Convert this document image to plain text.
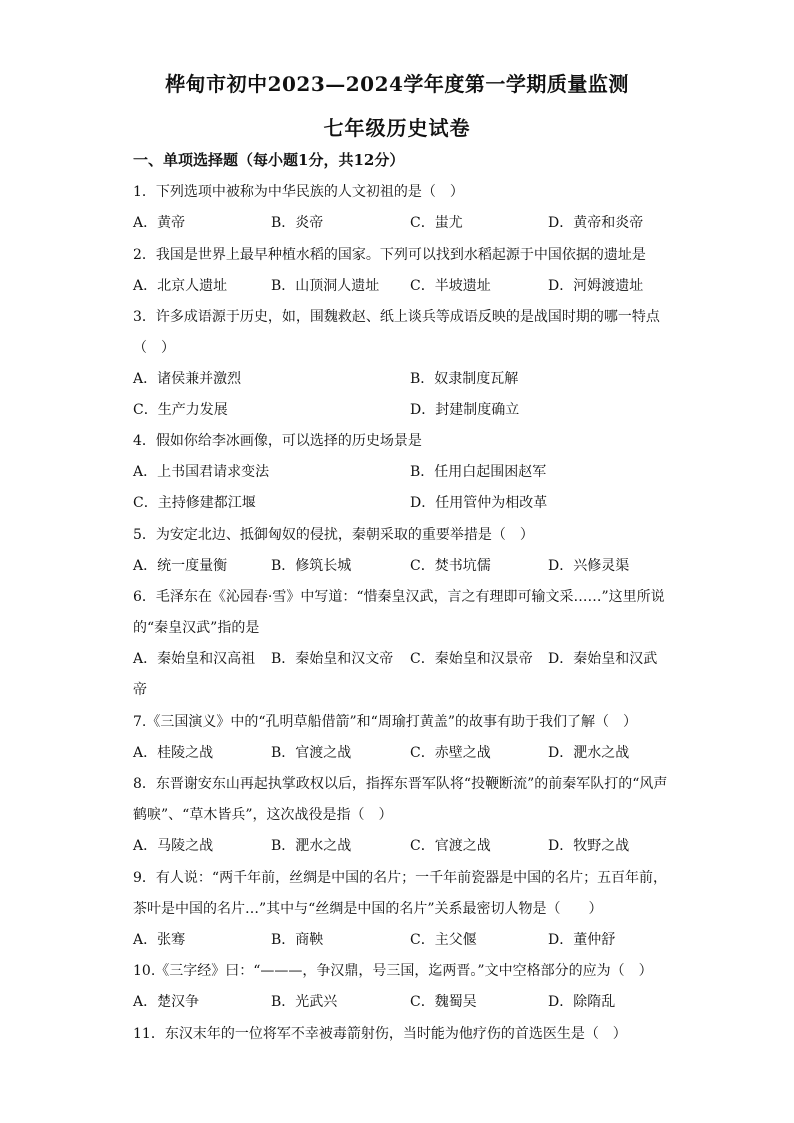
桦甸市初中2023—2024学年度第一学期质量监测
七年级历史试卷
一、单项选择题（每小题1分，共12分）
1．下列选项中被称为中华民族的人文初祖的是（　）
A．黄帝	B．炎帝	C．蚩尤	D．黄帝和炎帝
2．我国是世界上最早种植水稻的国家。下列可以找到水稻起源于中国依据的遗址是
A．北京人遗址	B．山顶洞人遗址 C．半坡遗址	D．河姆渡遗址
3．许多成语源于历史，如，围魏救赵、纸上谈兵等成语反映的是战国时期的哪一特点
（　）
A．诸侯兼并激烈	B．奴隶制度瓦解
C．生产力发展	D．封建制度确立
4．假如你给李冰画像，可以选择的历史场景是
A．上书国君请求变法	B．任用白起围困赵军
C．主持修建都江堰	D．任用管仲为相改革
5．为安定北边、抵御匈奴的侵扰，秦朝采取的重要举措是（　）
A．统一度量衡	B．修筑长城	C．焚书坑儒	D．兴修灵渠
6．毛泽东在《沁园春·雪》中写道：“惜秦皇汉武，言之有理即可输文采……”这里所说
的“秦皇汉武”指的是
A．秦始皇和汉高祖 B．秦始皇和汉文帝 C．秦始皇和汉景帝 D．秦始皇和汉武
帝
7.《三国演义》中的“孔明草船借箭”和“周瑜打黄盖”的故事有助于我们了解（　）
A．桂陵之战	B．官渡之战	C．赤壁之战	D．淝水之战
8．东晋谢安东山再起执掌政权以后，指挥东晋军队将“投鞭断流”的前秦军队打的“风声
鹤唳”、“草木皆兵”，这次战役是指（　）
A．马陵之战	B．淝水之战	C．官渡之战	D．牧野之战
9．有人说：“两千年前，丝绸是中国的名片；一千年前瓷器是中国的名片；五百年前，
茶叶是中国的名片…”其中与“丝绸是中国的名片”关系最密切人物是（　　）
A．张骞	B．商鞅	C．主父偃	D．董仲舒
10.《三字经》曰：“———，争汉鼎，号三国，迄两晋。”文中空格部分的应为（　）
A．楚汉争	B．光武兴	C．魏蜀吴	D．除隋乱
11．东汉末年的一位将军不幸被毒箭射伤，当时能为他疗伤的首选医生是（　）
